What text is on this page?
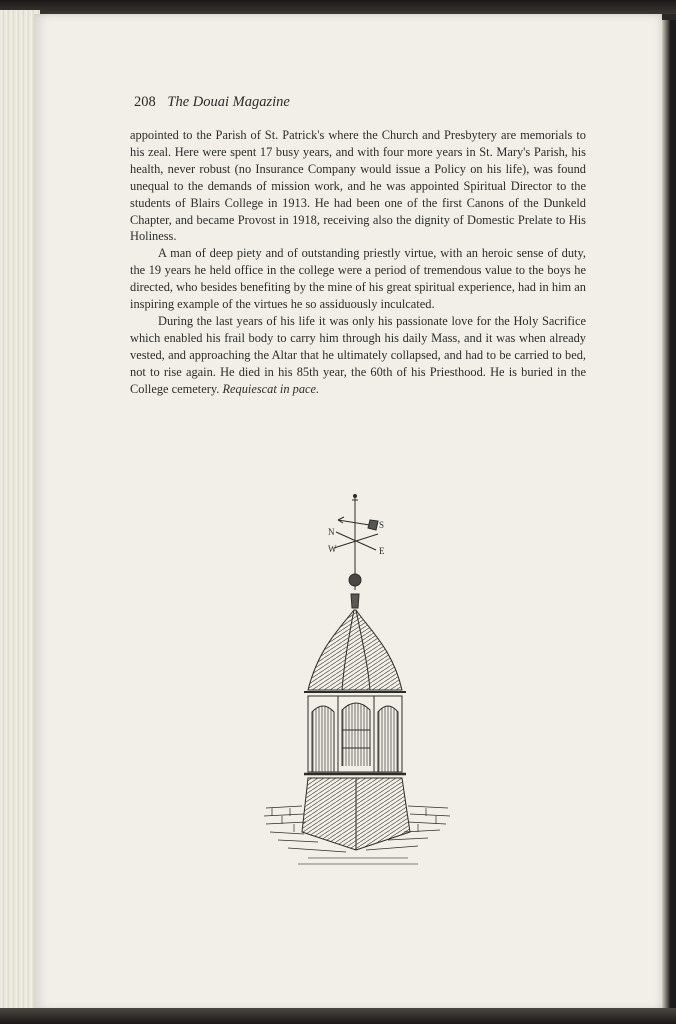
208 The Douai Magazine

appointed to the Parish of St. Patrick's where the Church and Presbytery are memorials to his zeal. Here were spent 17 busy years, and with four more years in St. Mary's Parish, his health, never robust (no Insurance Company would issue a Policy on his life), was found unequal to the demands of mission work, and he was appointed Spiritual Director to the students of Blairs College in 1913. He had been one of the first Canons of the Dunkeld Chapter, and became Provost in 1918, receiving also the dignity of Domestic Prelate to His Holiness.

A man of deep piety and of outstanding priestly virtue, with an heroic sense of duty, the 19 years he held office in the college were a period of tremendous value to the boys he directed, who besides benefiting by the mine of his great spiritual experience, had in him an inspiring example of the virtues he so assiduously inculcated.

During the last years of his life it was only his passionate love for the Holy Sacrifice which enabled his frail body to carry him through his daily Mass, and it was when already vested, and approaching the Altar that he ultimately collapsed, and had to be carried to bed, not to rise again. He died in his 85th year, the 60th of his Priesthood. He is buried in the College cemetery. Requiescat in pace.

S
E
N
W
